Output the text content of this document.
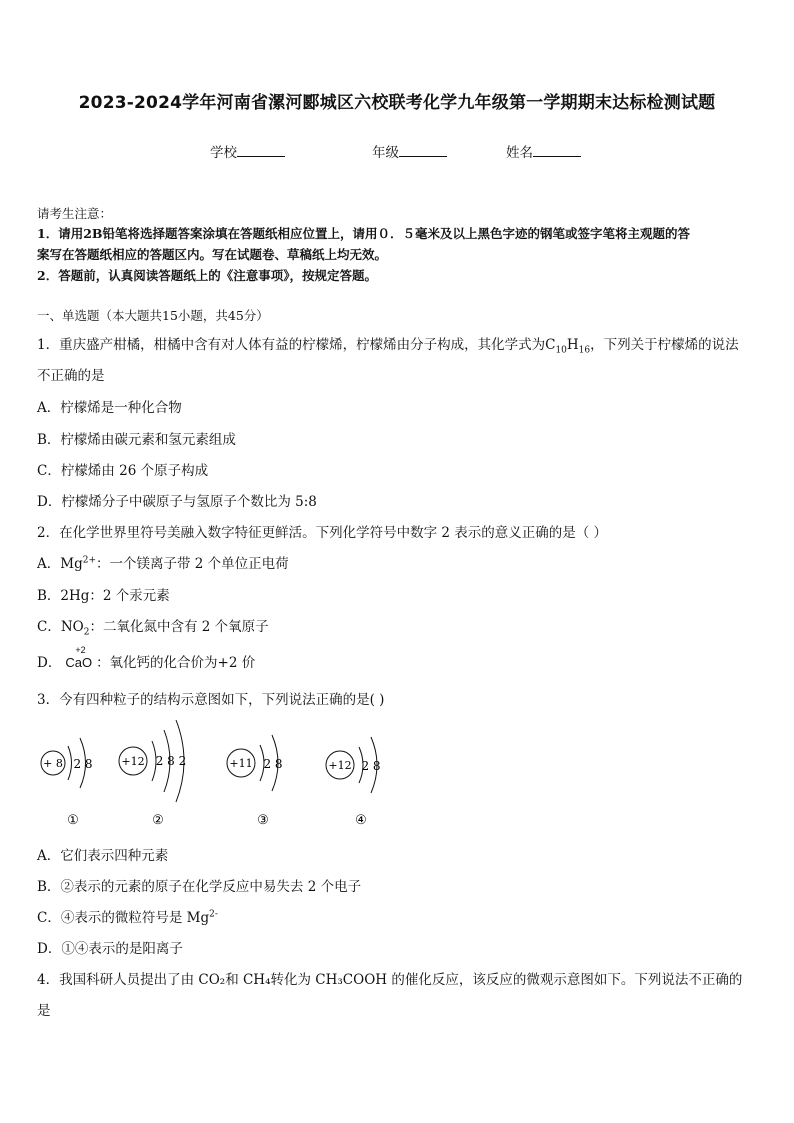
2023-2024学年河南省漯河郾城区六校联考化学九年级第一学期期末达标检测试题
学校	年级	姓名
请考生注意：
1．请用2B铅笔将选择题答案涂填在答题纸相应位置上，请用０．５毫米及以上黑色字迹的钢笔或签字笔将主观题的答
案写在答题纸相应的答题区内。写在试题卷、草稿纸上均无效。
2．答题前，认真阅读答题纸上的《注意事项》，按规定答题。
一、单选题（本大题共15小题，共45分）
1．重庆盛产柑橘，柑橘中含有对人体有益的柠檬烯，柠檬烯由分子构成，其化学式为$C_{10}H_{16}$，下列关于柠檬烯的说法
不正确的是
A．柠檬烯是一种化合物
B．柠檬烯由碳元素和氢元素组成
C．柠檬烯由 26 个原子构成
D．柠檬烯分子中碳原子与氢原子个数比为 5:8
2．在化学世界里符号美融入数字特征更鲜活。下列化学符号中数字 2 表示的意义正确的是（ ）
A．$Mg^{2+}$：一个镁离子带 2 个单位正电荷
B．2Hg：2 个汞元素
C．$NO_2$：二氧化氮中含有 2 个氧原子
D．
+2
CaO ：氧化钙的化合价为+2 价
3．今有四种粒子的结构示意图如下，下列说法正确的是( )
+ 8 2 8
①
+12 2 8 2
②
+11 2 8
③
+12 2 8
④
A．它们表示四种元素
B．②表示的元素的原子在化学反应中易失去 2 个电子
C．④表示的微粒符号是 $Mg^{2-}$
D．①④表示的是阳离子
4．我国科研人员提出了由 CO₂和 CH₄转化为 CH₃COOH 的催化反应，该反应的微观示意图如下。下列说法不正确的
是
